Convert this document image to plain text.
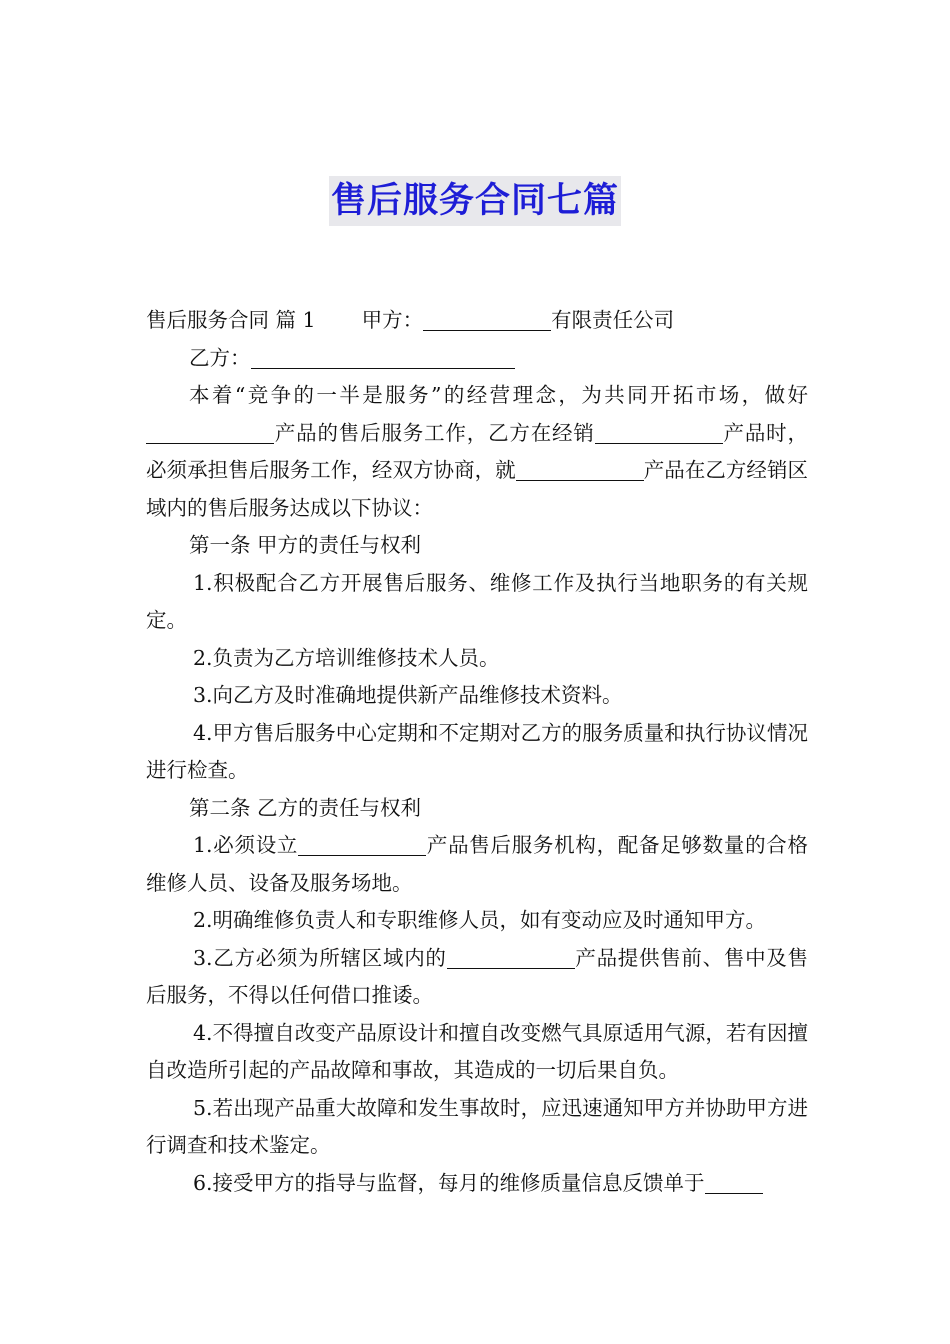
售后服务合同七篇

售后服务合同 篇 1 甲方：	有限责任公司

乙方：

本着“竞争的一半是服务”的经营理念，为共同开拓市场，做好产品的售后服务工作，乙方在经销	产品时，必须承担售后服务工作，经双方协商，就	产品在乙方经销区域内的售后服务达成以下协议：

第一条 甲方的责任与权利

1.积极配合乙方开展售后服务、维修工作及执行当地职务的有关规定。

2.负责为乙方培训维修技术人员。

3.向乙方及时准确地提供新产品维修技术资料。

4.甲方售后服务中心定期和不定期对乙方的服务质量和执行协议情况进行检查。

第二条 乙方的责任与权利

1.必须设立	产品售后服务机构，配备足够数量的合格维修人员、设备及服务场地。

2.明确维修负责人和专职维修人员，如有变动应及时通知甲方。

3.乙方必须为所辖区域内的	产品提供售前、售中及售后服务，不得以任何借口推诿。

4.不得擅自改变产品原设计和擅自改变燃气具原适用气源，若有因擅自改造所引起的产品故障和事故，其造成的一切后果自负。

5.若出现产品重大故障和发生事故时，应迅速通知甲方并协助甲方进行调查和技术鉴定。

6.接受甲方的指导与监督，每月的维修质量信息反馈单于
